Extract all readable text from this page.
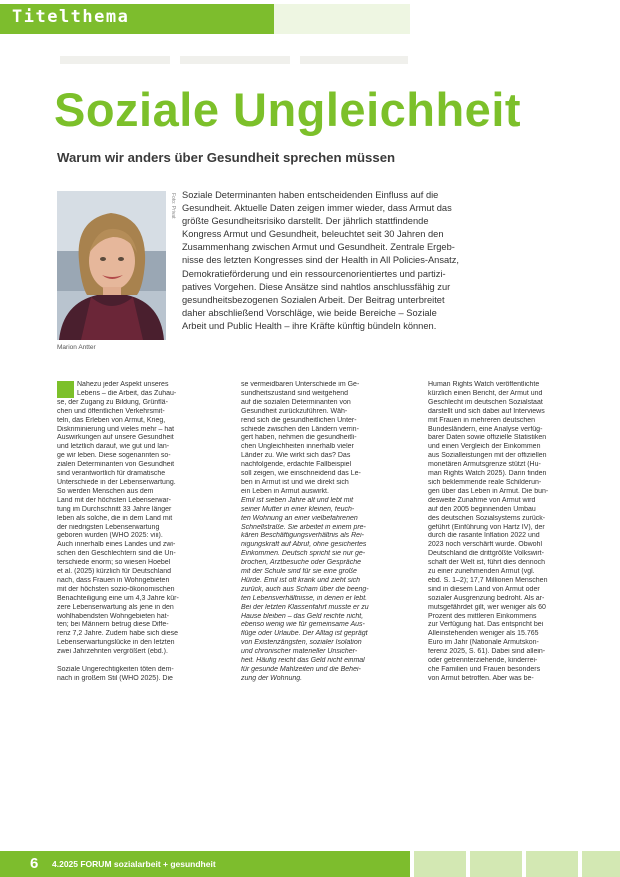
Titelthema
Soziale Ungleichheit
Warum wir anders über Gesundheit sprechen müssen
Foto: Privat
Marion Antter
Soziale Determinanten haben entscheidenden Einfluss auf die
Gesundheit. Aktuelle Daten zeigen immer wieder, dass Armut das
größte Gesundheitsrisiko darstellt. Der jährlich stattfindende
Kongress Armut und Gesundheit, beleuchtet seit 30 Jahren den
Zusammenhang zwischen Armut und Gesundheit. Zentrale Ergeb-
nisse des letzten Kongresses sind der Health in All Policies-Ansatz,
Demokratieförderung und ein ressourcenorientiertes und partizi-
patives Vorgehen. Diese Ansätze sind nahtlos anschlussfähig zur
gesundheitsbezogenen Sozialen Arbeit. Der Beitrag unterbreitet
daher abschließend Vorschläge, wie beide Bereiche – Soziale
Arbeit und Public Health – ihre Kräfte künftig bündeln können.
Nahezu jeder Aspekt unseres
Lebens – die Arbeit, das Zuhau-
se, der Zugang zu Bildung, Grünflä-
chen und öffentlichen Verkehrsmit-
teln, das Erleben von Armut, Krieg,
Diskriminierung und vieles mehr – hat
Auswirkungen auf unsere Gesundheit
und letztlich darauf, wie gut und lan-
ge wir leben. Diese sogenannten so-
zialen Determinanten von Gesundheit
sind verantwortlich für dramatische
Unterschiede in der Lebenserwartung.
So werden Menschen aus dem
Land mit der höchsten Lebenserwar-
tung im Durchschnitt 33 Jahre länger
leben als solche, die in dem Land mit
der niedrigsten Lebenserwartung
geboren wurden (WHO 2025: viii).
Auch innerhalb eines Landes und zwi-
schen den Geschlechtern sind die Un-
terschiede enorm; so wiesen Hoebel
et al. (2025) kürzlich für Deutschland
nach, dass Frauen in Wohngebieten
mit der höchsten sozio-ökonomischen
Benachteiligung eine um 4,3 Jahre kür-
zere Lebenserwartung als jene in den
wohlhabendsten Wohngebieten hat-
ten; bei Männern betrug diese Diffe-
renz 7,2 Jahre. Zudem habe sich diese
Lebenserwartungslücke in den letzten
zwei Jahrzehnten vergrößert (ebd.).
Soziale Ungerechtigkeiten töten dem-
nach in großem Stil (WHO 2025). Die
se vermeidbaren Unterschiede im Ge-
sundheitszustand sind weitgehend
auf die sozialen Determinanten von
Gesundheit zurückzuführen. Wäh-
rend sich die gesundheitlichen Unter-
schiede zwischen den Ländern verrin-
gert haben, nehmen die gesundheitli-
chen Ungleichheiten innerhalb vieler
Länder zu. Wie wirkt sich das? Das
nachfolgende, erdachte Fallbeispiel
soll zeigen, wie einschneidend das Le-
ben in Armut ist und wie direkt sich
ein Leben in Armut auswirkt.
Emil ist sieben Jahre alt und lebt mit
seiner Mutter in einer kleinen, feuch-
ten Wohnung an einer vielbefahrenen
Schnellstraße. Sie arbeitet in einem pre-
kären Beschäftigungsverhältnis als Rei-
nigungskraft auf Abruf, ohne gesichertes
Einkommen. Deutsch spricht sie nur ge-
brochen, Arztbesuche oder Gespräche
mit der Schule sind für sie eine große
Hürde. Emil ist oft krank und zieht sich
zurück, auch aus Scham über die beeng-
ten Lebensverhältnisse, in denen er lebt.
Bei der letzten Klassenfahrt musste er zu
Hause bleiben – das Geld reichte nicht,
ebenso wenig wie für gemeinsame Aus-
flüge oder Urlaube. Der Alltag ist geprägt
von Existenzängsten, sozialer Isolation
und chronischer materieller Unsicher-
heit. Häufig reicht das Geld nicht einmal
für gesunde Mahlzeiten und die Behei-
zung der Wohnung.
Human Rights Watch veröffentlichte
kürzlich einen Bericht, der Armut und
Geschlecht im deutschen Sozialstaat
darstellt und sich dabei auf Interviews
mit Frauen in mehreren deutschen
Bundesländern, eine Analyse verfüg-
barer Daten sowie offizielle Statistiken
und einen Vergleich der Einkommen
aus Sozialleistungen mit der offiziellen
monetären Armutsgrenze stützt (Hu-
man Rights Watch 2025). Darin finden
sich beklemmende reale Schilderun-
gen über das Leben in Armut. Die bun-
desweite Zunahme von Armut wird
auf den 2005 beginnenden Umbau
des deutschen Sozialsystems zurück-
geführt (Einführung von Hartz IV), der
durch die rasante Inflation 2022 und
2023 noch verschärft wurde. Obwohl
Deutschland die drittgrößte Volkswirt-
schaft der Welt ist, führt dies dennoch
zu einer zunehmenden Armut (vgl.
ebd. S. 1–2); 17,7 Millionen Menschen
sind in diesem Land von Armut oder
sozialer Ausgrenzung bedroht. Als ar-
mutsgefährdet gilt, wer weniger als 60
Prozent des mittleren Einkommens
zur Verfügung hat. Das entspricht bei
Alleinstehenden weniger als 15.765
Euro im Jahr (Nationale Armutskon-
ferenz 2025, S. 61). Dabei sind allein-
oder getrennterziehende, kinderrei-
che Familien und Frauen besonders
von Armut betroffen. Aber was be-
6 4.2025 FORUM sozialarbeit + gesundheit
